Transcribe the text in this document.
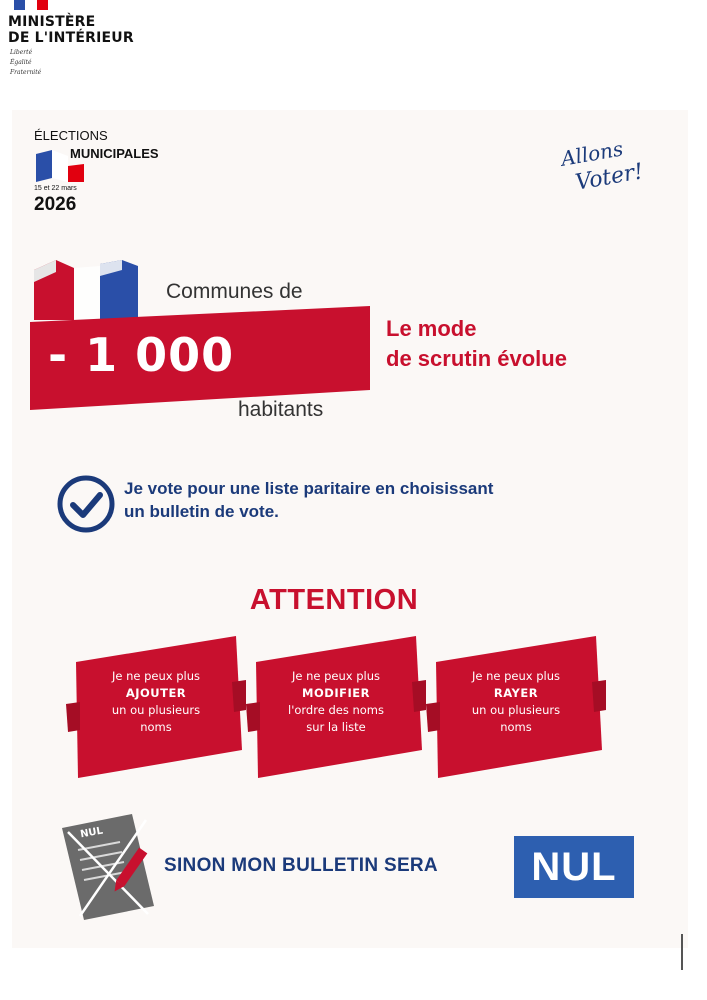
MINISTÈRE
DE L'INTÉRIEUR
Liberté
Égalité
Fraternité
ÉLECTIONS
MUNICIPALES
15 et 22 mars
2026
Allons
Voter!
Communes de
- 1 000
habitants
Le mode
de scrutin évolue
Je vote pour une liste paritaire en choisissant
un bulletin de vote.
ATTENTION
Je ne peux plus
AJOUTER
un ou plusieurs
noms
Je ne peux plus
MODIFIER
l'ordre des noms
sur la liste
Je ne peux plus
RAYER
un ou plusieurs
noms
NUL
SINON MON BULLETIN SERA NUL
